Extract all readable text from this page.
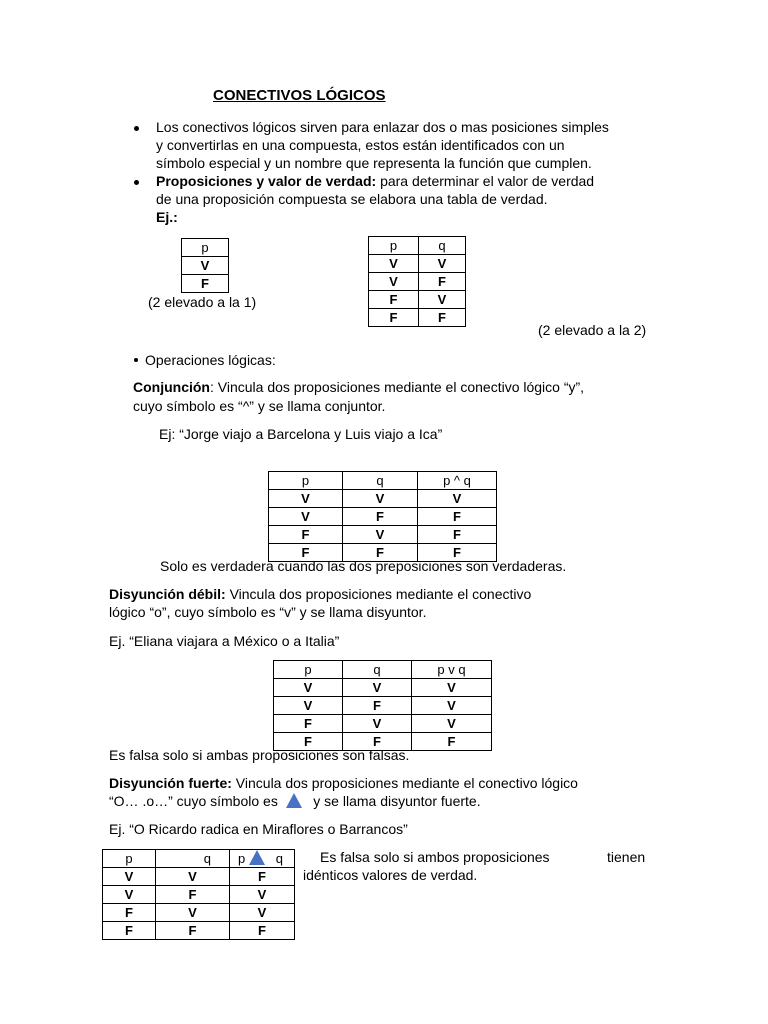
CONECTIVOS LÓGICOS
Los conectivos lógicos sirven para enlazar dos o mas posiciones simples
y convertirlas en una compuesta, estos están identificados con un
símbolo especial y un nombre que representa la función que cumplen.
Proposiciones y valor de verdad: para determinar el valor de verdad
de una proposición compuesta se elabora una tabla de verdad.
Ej.:
p
V
F
(2 elevado a la 1)
p	q
V	V
V	F
F	V
F	F
(2 elevado a la 2)
Operaciones lógicas:
Conjunción: Vincula dos proposiciones mediante el conectivo lógico “y”,
cuyo símbolo es “^” y se llama conjuntor.
Ej: “Jorge viajo a Barcelona y Luis viajo a Ica”
p	q	p ^ q
V	V	V
V	F	F
F	V	F
F	F	F
Solo es verdadera cuando las dos preposiciones son verdaderas.
Disyunción débil: Vincula dos proposiciones mediante el conectivo
lógico “o”, cuyo símbolo es “v” y se llama disyuntor.
Ej. “Eliana viajara a México o a Italia”
p	q	p v q
V	V	V
V	F	V
F	V	V
F	F	F
Es falsa solo si ambas proposiciones son falsas.
Disyunción fuerte: Vincula dos proposiciones mediante el conectivo lógico
“O… .o…” cuyo símbolo es	y se llama disyuntor fuerte.
Ej. “O Ricardo radica en Miraflores o Barrancos”
p	q	p q
V	V	F
V	F	V
F	V	V
F	F	F
Es falsa solo si ambos proposiciones	tienen
idénticos valores de verdad.
